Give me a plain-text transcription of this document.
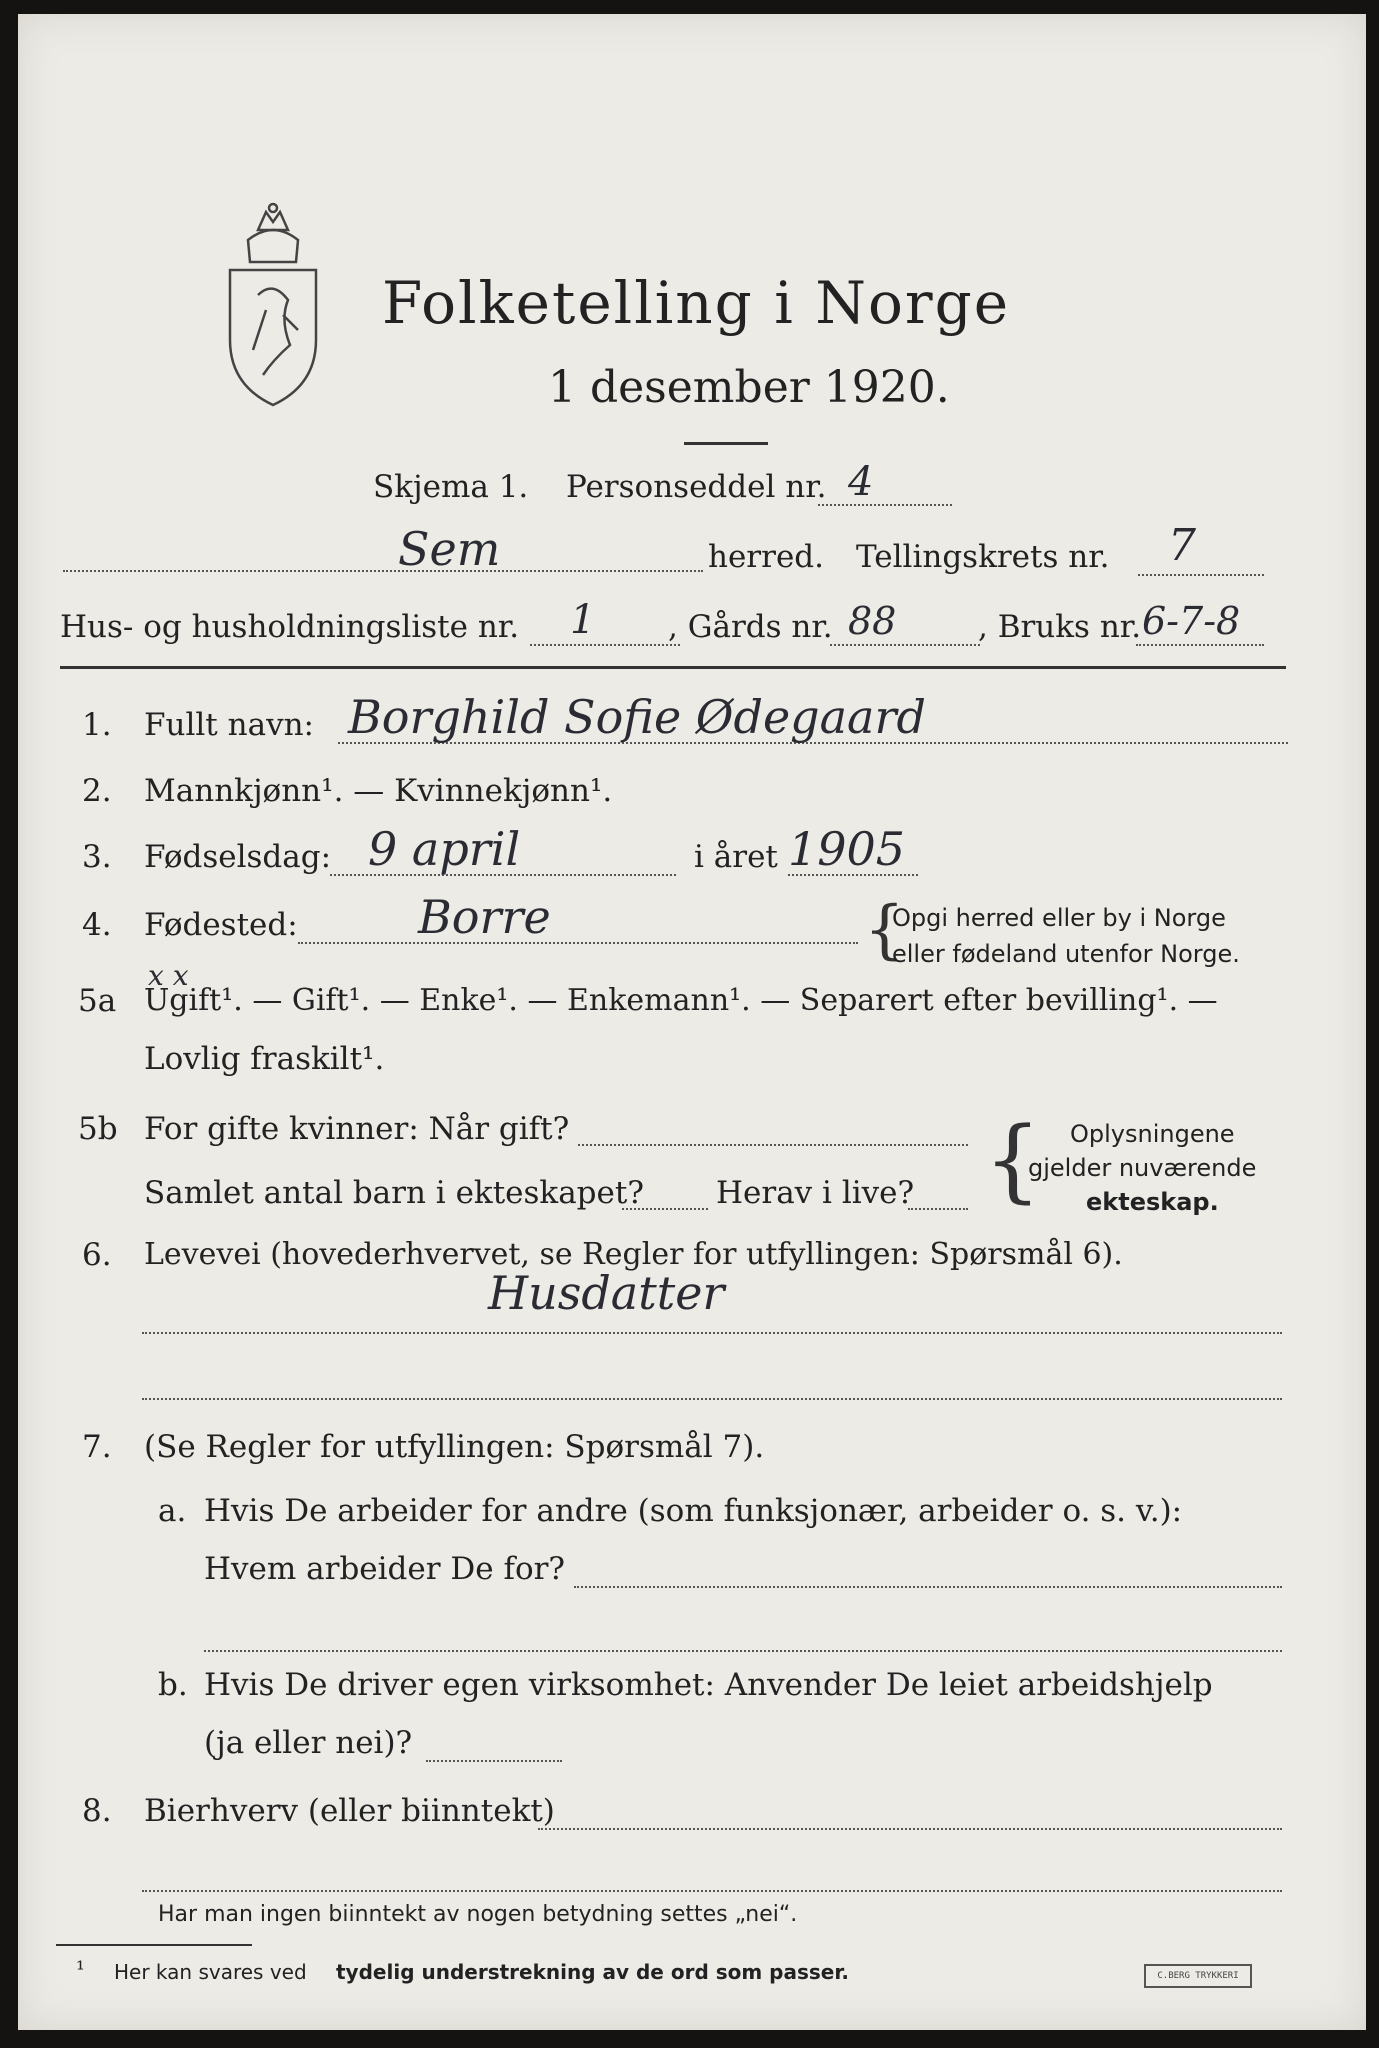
Folketelling i Norge
1 desember 1920.
Skjema 1. Personseddel nr. 4
Sem	herred. Tellingskrets nr. 7
Hus- og husholdningsliste nr. 1 , Gårds nr. 88	, Bruks nr. 6-7-8
1. Fullt navn: Borghild Sofie Ødegaard
2. Mannkjønn¹. — Kvinnekjønn¹.
3. Fødselsdag: 9 april	i året 1905
4. Fødested:	Borre	{
Opgi herred eller by i Norge
eller fødeland utenfor Norge.
5a Ugift¹. — Gift¹. — Enke¹. — Enkemann¹. — Separert efter bevilling¹. —
x x
Lovlig fraskilt¹.
5b For gifte kvinner: Når gift?
Samlet antal barn i ekteskapet? Herav i live? { Oplysningene
gjelder nuværende
ekteskap.
6. Levevei (hovederhvervet, se Regler for utfyllingen: Spørsmål 6).
Husdatter
7. (Se Regler for utfyllingen: Spørsmål 7).
a. Hvis De arbeider for andre (som funksjonær, arbeider o. s. v.):
Hvem arbeider De for?
b. Hvis De driver egen virksomhet: Anvender De leiet arbeidshjelp
(ja eller nei)?
8. Bierhverv (eller biinntekt)
Har man ingen biinntekt av nogen betydning settes „nei“.
¹ Her kan svares ved tydelig understrekning av de ord som passer.	C.BERG TRYKKERI
